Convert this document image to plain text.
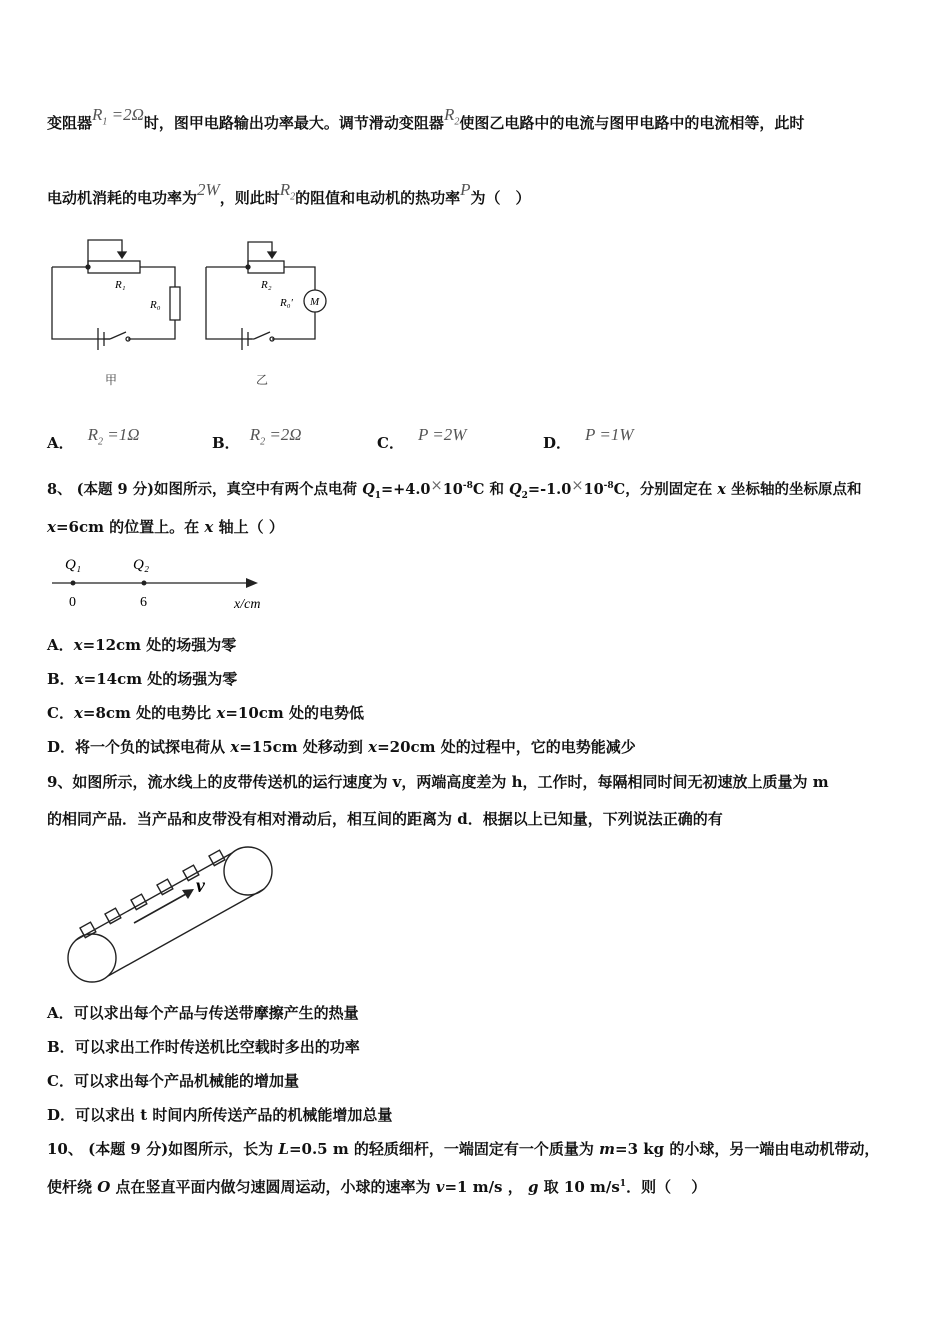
变阻器$R_1 =2\Omega$时，图甲电路输出功率最大。调节滑动变阻器$R_2$使图乙电路中的电流与图甲电路中的电流相等，此时
电动机消耗的电功率为2W，则此时$R_2$的阻值和电动机的热功率P为（　）
R₁
R₀
甲
R₂
R₀′ M
乙
A． $R_2 =1\Omega$	B． $R_2 =2\Omega$	C． P =2W	D． P =1W
8、 (本题 9 分)如图所示，真空中有两个点电荷 $Q_1=+4.0\times 10^{-8}C$ 和 $Q_2=-1.0\times 10^{-8}C$，分别固定在 x 坐标轴的坐标原点和
x=6cm 的位置上。在 x 轴上（ ）
Q₁	Q₂
0	6	x/cm
A．x=12cm 处的场强为零
B．x=14cm 处的场强为零
C．x=8cm 处的电势比 x=10cm 处的电势低
D．将一个负的试探电荷从 x=15cm 处移动到 x=20cm 处的过程中，它的电势能减少
9、如图所示，流水线上的皮带传送机的运行速度为 v，两端高度差为 h，工作时，每隔相同时间无初速放上质量为 m
的相同产品．当产品和皮带没有相对滑动后，相互间的距离为 d．根据以上已知量，下列说法正确的有
v
A．可以求出每个产品与传送带摩擦产生的热量
B．可以求出工作时传送机比空载时多出的功率
C．可以求出每个产品机械能的增加量
D．可以求出 t 时间内所传送产品的机械能增加总量
10、 (本题 9 分)如图所示，长为 L=0.5 m 的轻质细杆，一端固定有一个质量为 m=3 kg 的小球，另一端由电动机带动，
使杆绕 O 点在竖直平面内做匀速圆周运动，小球的速率为 v=1 m/s ， g 取 10 $m/s^1$．则（　 ）
